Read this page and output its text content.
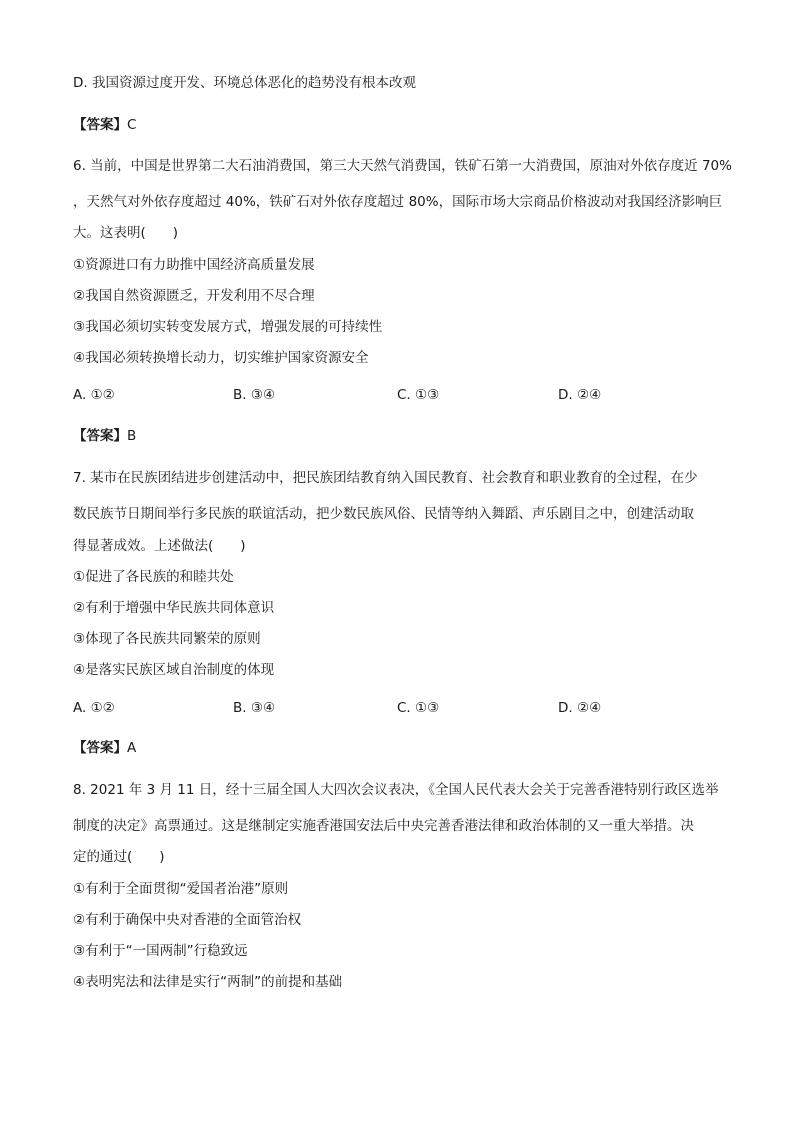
D. 我国资源过度开发、环境总体恶化的趋势没有根本改观
【答案】C
6. 当前，中国是世界第二大石油消费国，第三大天然气消费国，铁矿石第一大消费国，原油对外依存度近 70%
，天然气对外依存度超过 40%，铁矿石对外依存度超过 80%，国际市场大宗商品价格波动对我国经济影响巨
大。这表明(　　)
①资源进口有力助推中国经济高质量发展
②我国自然资源匮乏，开发利用不尽合理
③我国必须切实转变发展方式，增强发展的可持续性
④我国必须转换增长动力，切实维护国家资源安全
A. ①②	B. ③④	C. ①③	D. ②④
【答案】B
7. 某市在民族团结进步创建活动中，把民族团结教育纳入国民教育、社会教育和职业教育的全过程，在少
数民族节日期间举行多民族的联谊活动，把少数民族风俗、民情等纳入舞蹈、声乐剧目之中，创建活动取
得显著成效。上述做法(　　)
①促进了各民族的和睦共处
②有利于增强中华民族共同体意识
③体现了各民族共同繁荣的原则
④是落实民族区域自治制度的体现
A. ①②	B. ③④	C. ①③	D. ②④
【答案】A
8. 2021 年 3 月 11 日，经十三届全国人大四次会议表决，《全国人民代表大会关于完善香港特别行政区选举
制度的决定》高票通过。这是继制定实施香港国安法后中央完善香港法律和政治体制的又一重大举措。决
定的通过(　　)
①有利于全面贯彻“爱国者治港”原则
②有利于确保中央对香港的全面管治权
③有利于“一国两制”行稳致远
④表明宪法和法律是实行“两制”的前提和基础
